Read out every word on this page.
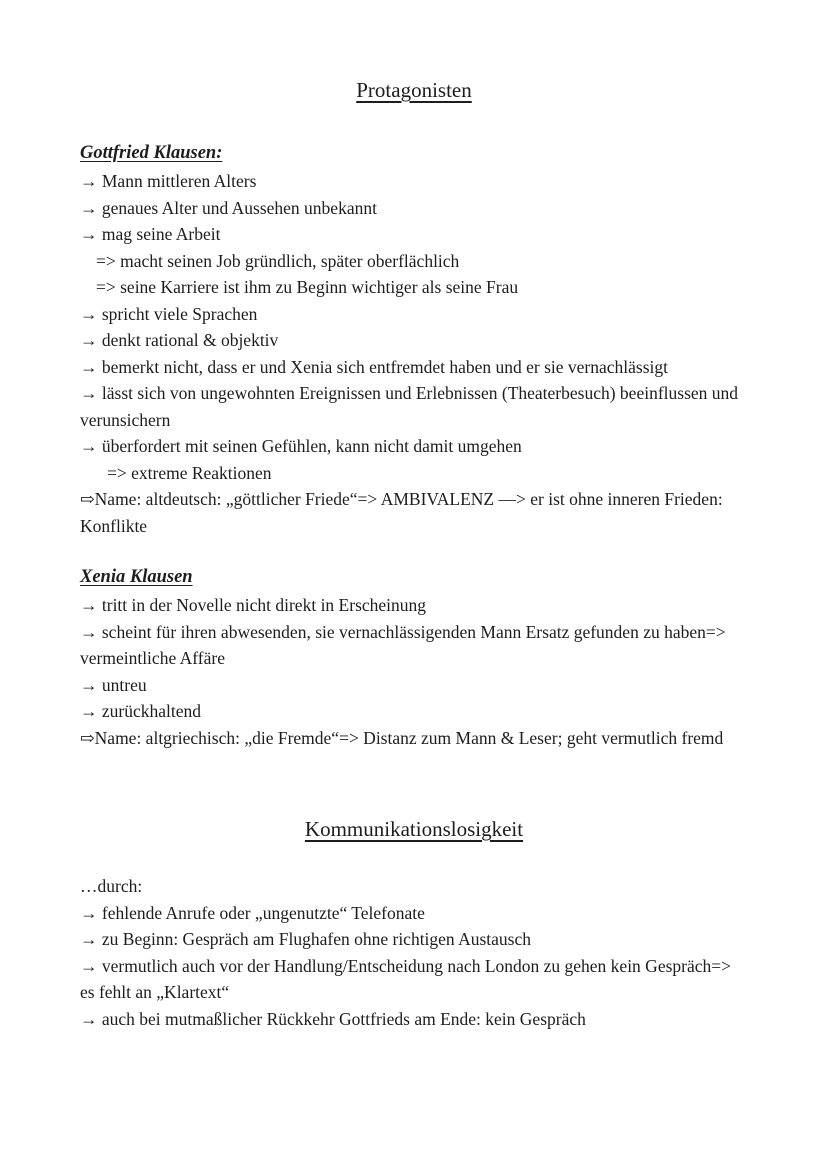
Protagonisten
Gottfried Klausen:

→ Mann mittleren Alters

→ genaues Alter und Aussehen unbekannt

→ mag seine Arbeit

=> macht seinen Job gründlich, später oberflächlich

=> seine Karriere ist ihm zu Beginn wichtiger als seine Frau

→ spricht viele Sprachen

→ denkt rational & objektiv

→ bemerkt nicht, dass er und Xenia sich entfremdet haben und er sie vernachlässigt

→ lässt sich von ungewohnten Ereignissen und Erlebnissen (Theaterbesuch) beeinflussen und verunsichern

→ überfordert mit seinen Gefühlen, kann nicht damit umgehen

=> extreme Reaktionen

⇨Name: altdeutsch: „göttlicher Friede“=> AMBIVALENZ —> er ist ohne inneren Frieden: Konflikte

Xenia Klausen

→ tritt in der Novelle nicht direkt in Erscheinung

→ scheint für ihren abwesenden, sie vernachlässigenden Mann Ersatz gefunden zu haben=> vermeintliche Affäre

→ untreu

→ zurückhaltend

⇨Name: altgriechisch: „die Fremde“=> Distanz zum Mann & Leser; geht vermutlich fremd

Kommunikationslosigkeit

…durch:

→ fehlende Anrufe oder „ungenutzte“ Telefonate

→ zu Beginn: Gespräch am Flughafen ohne richtigen Austausch

→ vermutlich auch vor der Handlung/Entscheidung nach London zu gehen kein Gespräch=> es fehlt an „Klartext“

→ auch bei mutmaßlicher Rückkehr Gottfrieds am Ende: kein Gespräch
